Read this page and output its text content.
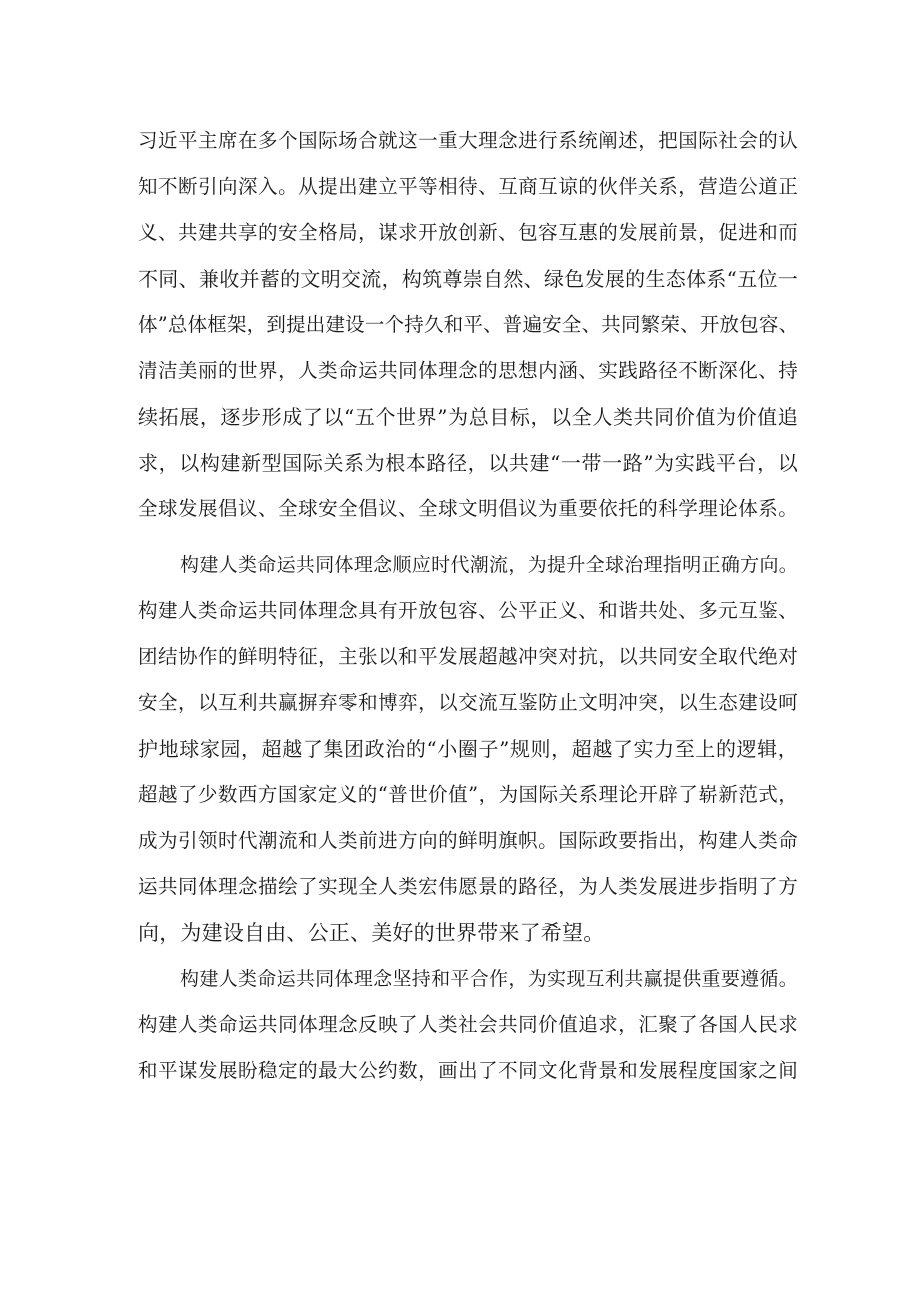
习近平主席在多个国际场合就这一重大理念进行系统阐述，把国际社会的认
知不断引向深入。从提出建立平等相待、互商互谅的伙伴关系，营造公道正
义、共建共享的安全格局，谋求开放创新、包容互惠的发展前景，促进和而
不同、兼收并蓄的文明交流，构筑尊崇自然、绿色发展的生态体系“五位一
体”总体框架，到提出建设一个持久和平、普遍安全、共同繁荣、开放包容、
清洁美丽的世界，人类命运共同体理念的思想内涵、实践路径不断深化、持
续拓展，逐步形成了以“五个世界”为总目标，以全人类共同价值为价值追
求，以构建新型国际关系为根本路径，以共建“一带一路”为实践平台，以
全球发展倡议、全球安全倡议、全球文明倡议为重要依托的科学理论体系。
构建人类命运共同体理念顺应时代潮流，为提升全球治理指明正确方向。
构建人类命运共同体理念具有开放包容、公平正义、和谐共处、多元互鉴、
团结协作的鲜明特征，主张以和平发展超越冲突对抗，以共同安全取代绝对
安全，以互利共赢摒弃零和博弈，以交流互鉴防止文明冲突，以生态建设呵
护地球家园，超越了集团政治的“小圈子”规则，超越了实力至上的逻辑，
超越了少数西方国家定义的“普世价值”，为国际关系理论开辟了崭新范式，
成为引领时代潮流和人类前进方向的鲜明旗帜。国际政要指出，构建人类命
运共同体理念描绘了实现全人类宏伟愿景的路径，为人类发展进步指明了方
向，为建设自由、公正、美好的世界带来了希望。
构建人类命运共同体理念坚持和平合作，为实现互利共赢提供重要遵循。
构建人类命运共同体理念反映了人类社会共同价值追求，汇聚了各国人民求
和平谋发展盼稳定的最大公约数，画出了不同文化背景和发展程度国家之间
